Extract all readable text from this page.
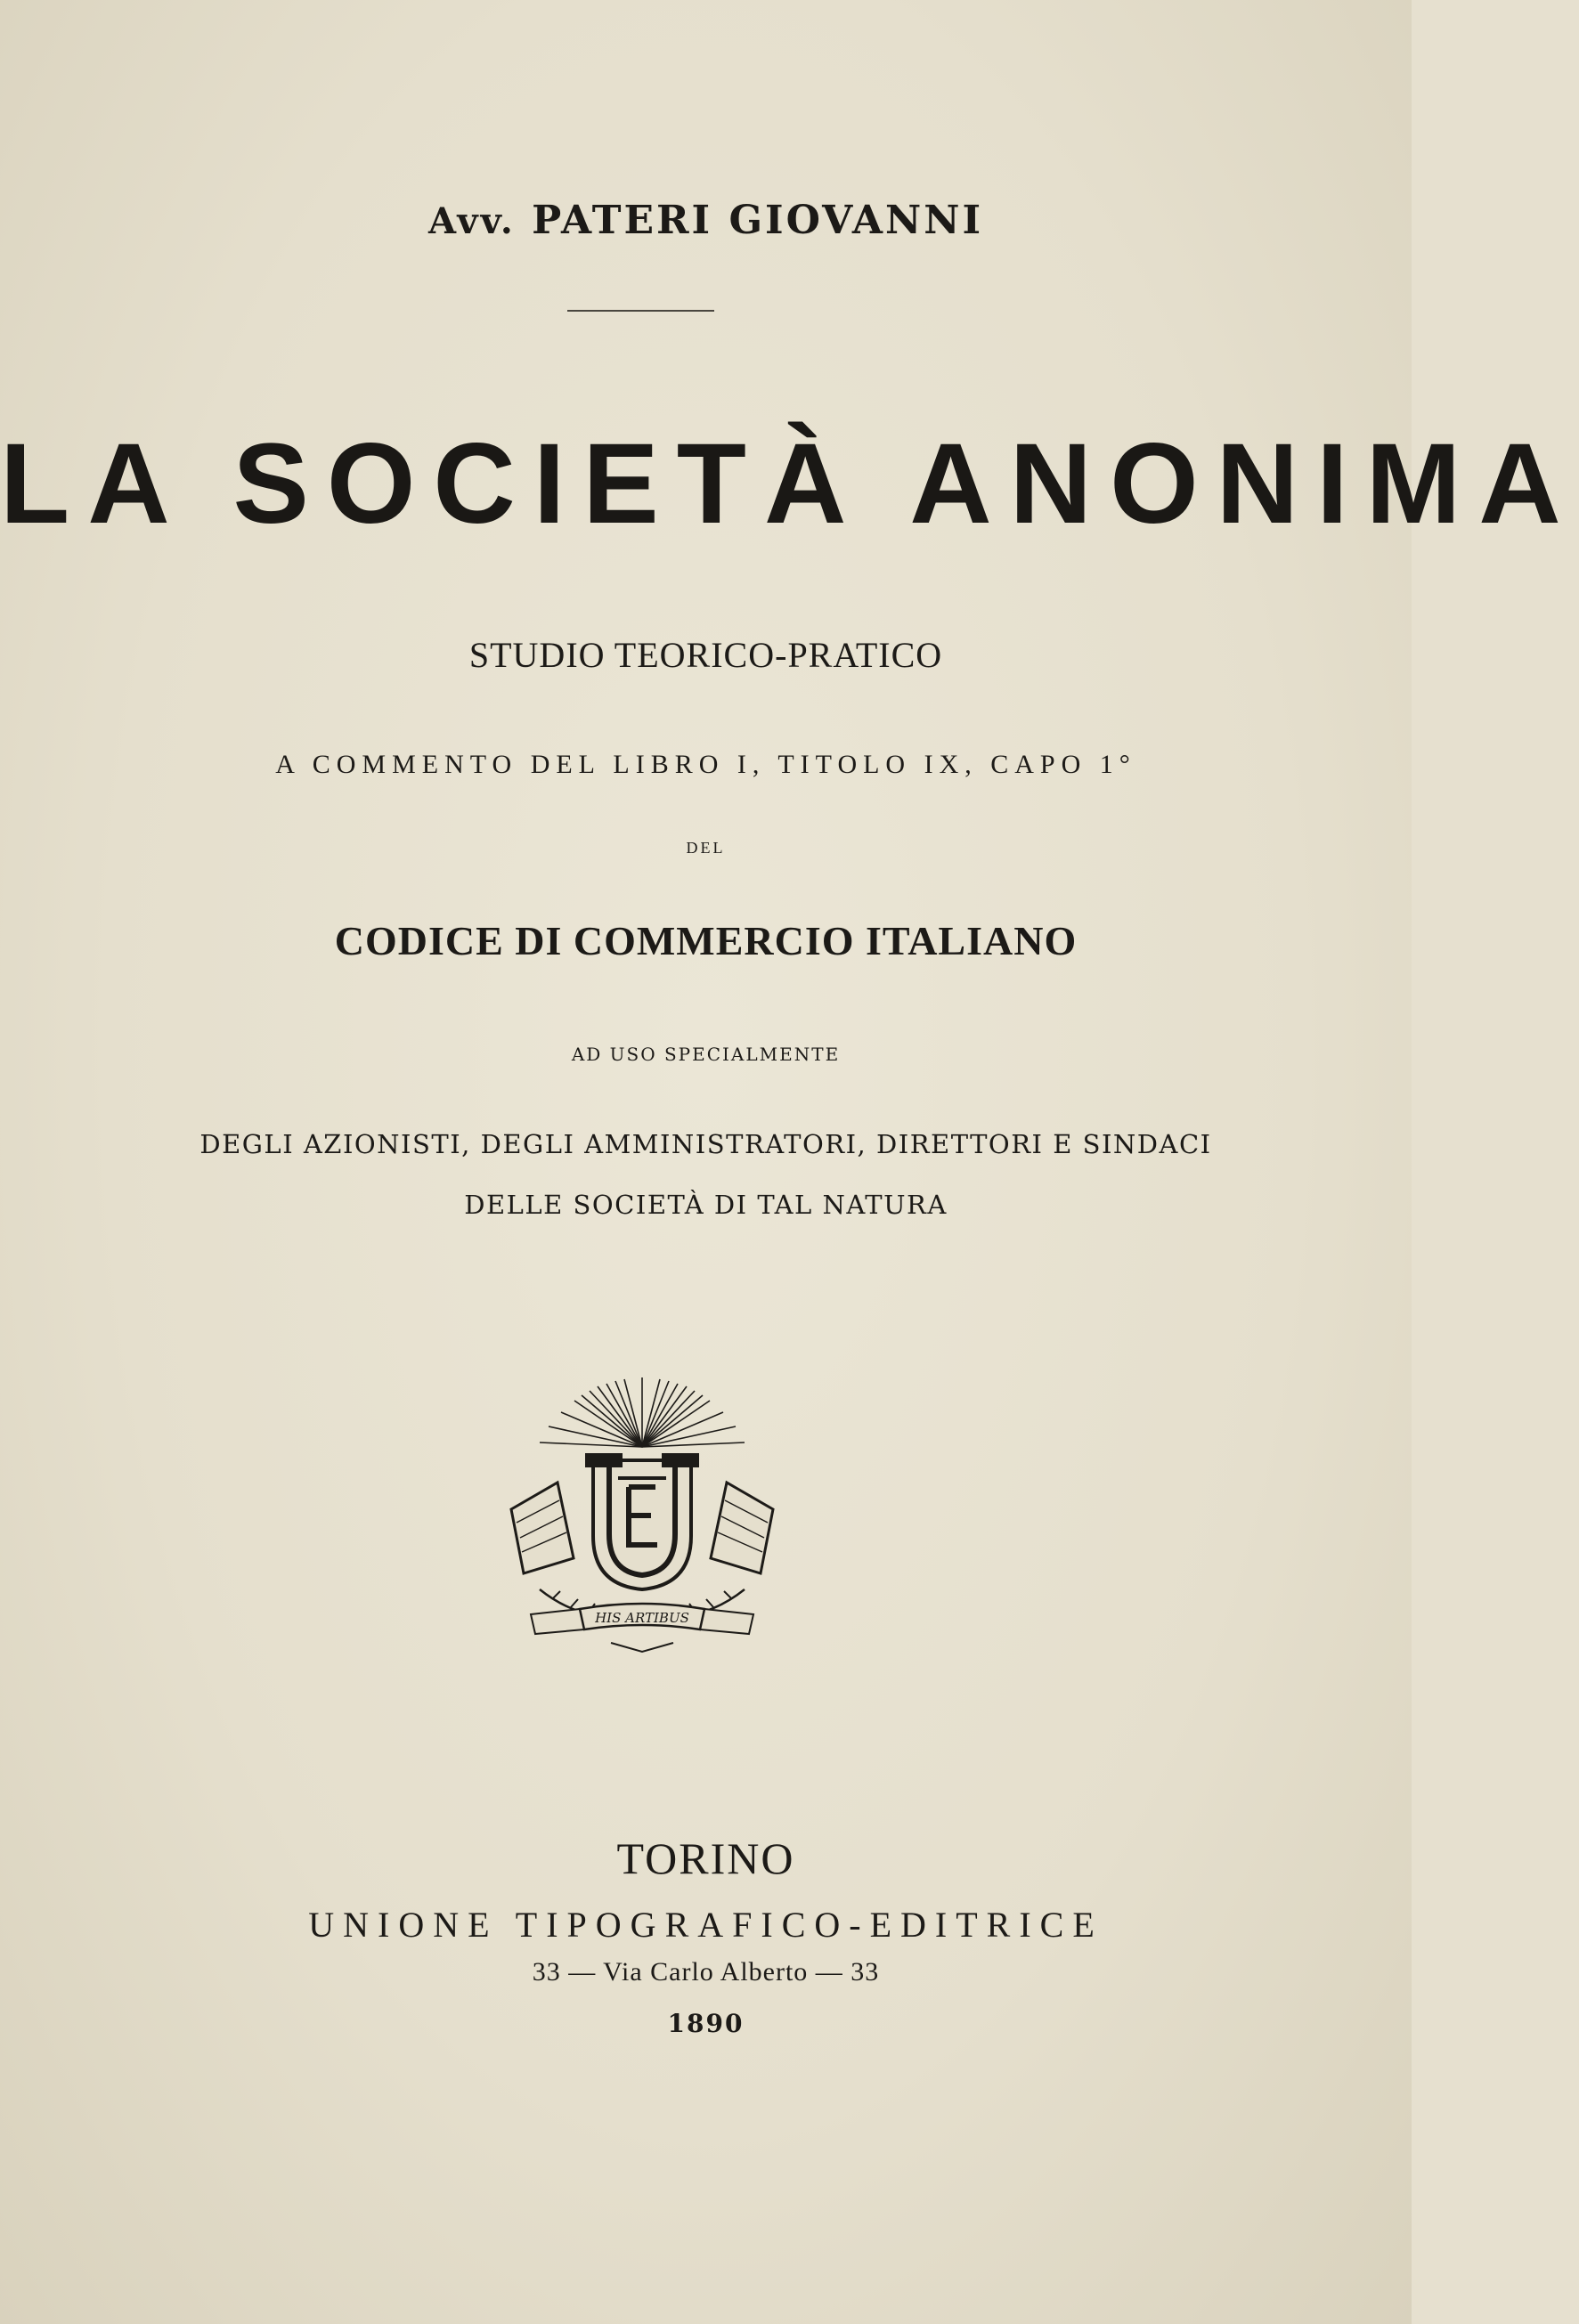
Avv. PATERI GIOVANNI
LA SOCIETÀ ANONIMA
STUDIO TEORICO-PRATICO
A COMMENTO DEL LIBRO I, TITOLO IX, CAPO 1°
DEL
CODICE DI COMMERCIO ITALIANO
AD USO SPECIALMENTE
DEGLI AZIONISTI, DEGLI AMMINISTRATORI, DIRETTORI E SINDACI
DELLE SOCIETÀ DI TAL NATURA
HIS ARTIBUS
TORINO
UNIONE TIPOGRAFICO-EDITRICE
33 — Via Carlo Alberto — 33
1890
